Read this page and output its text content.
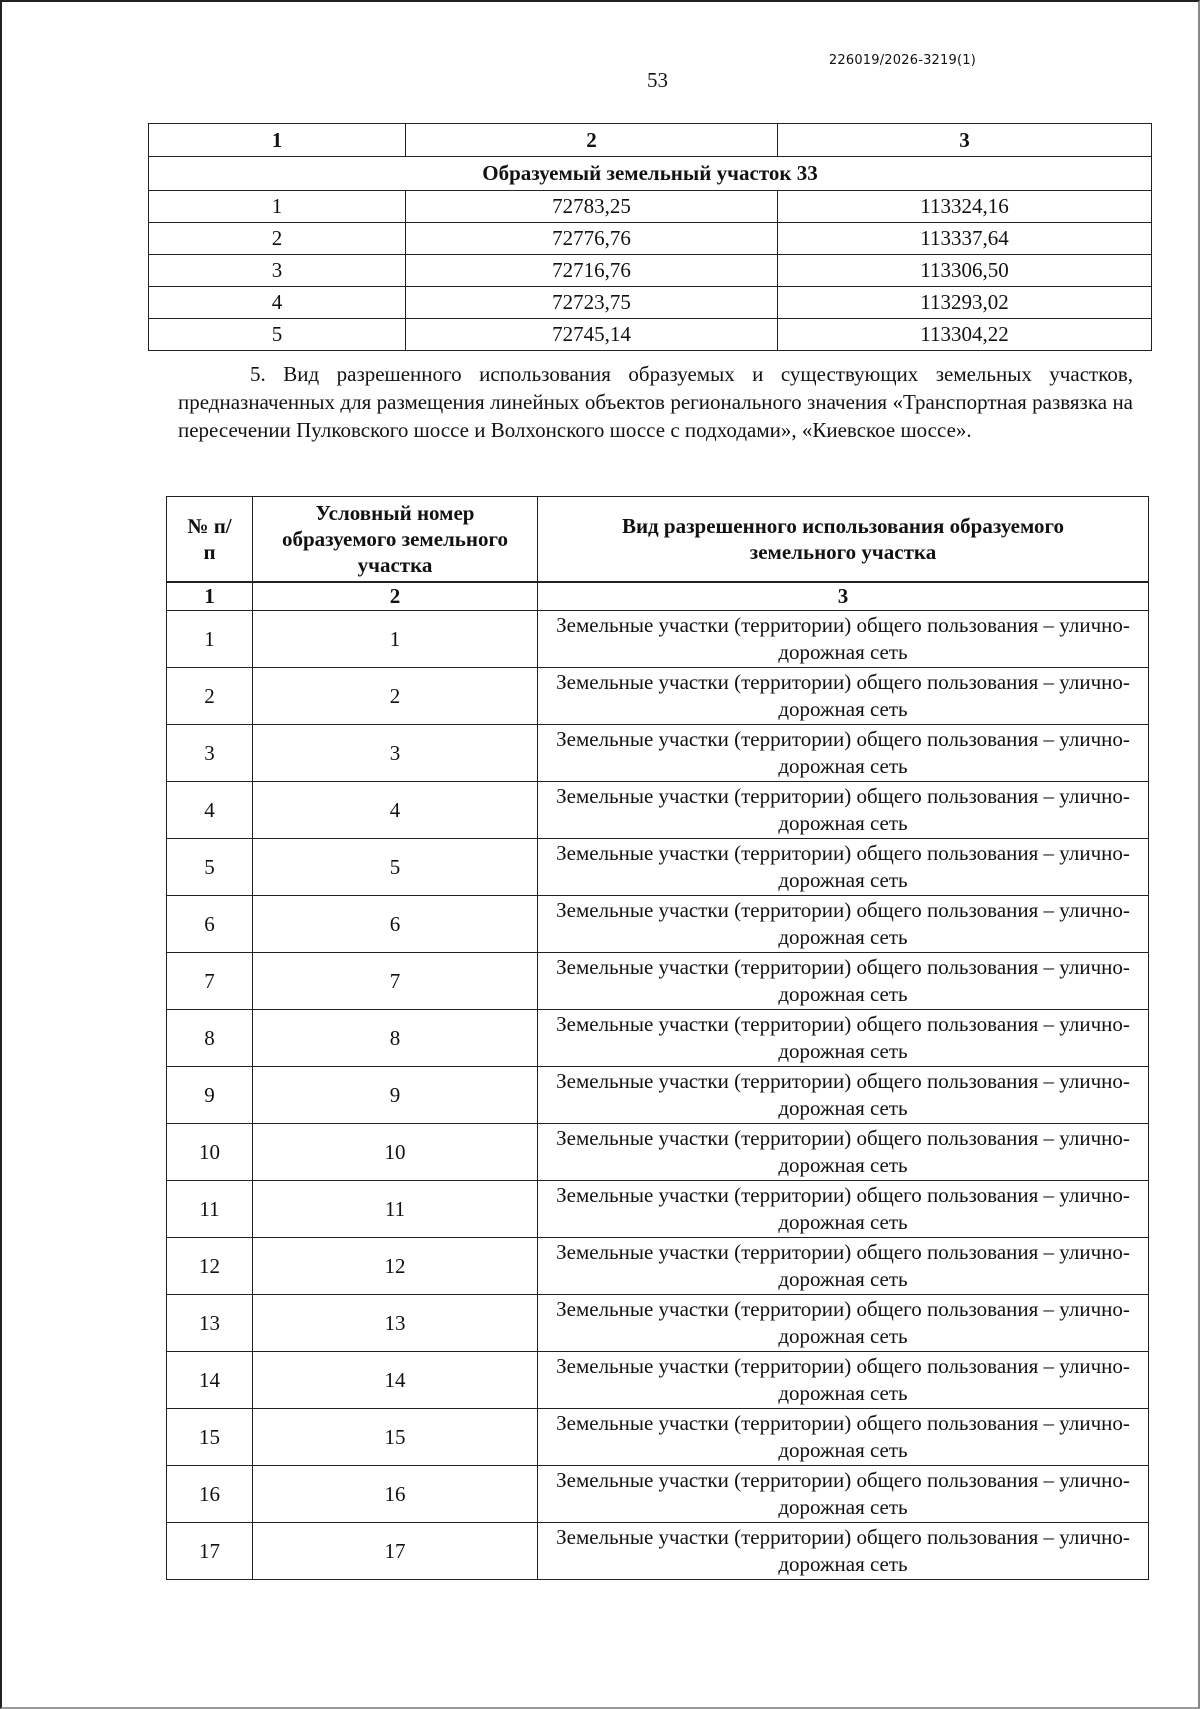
226019/2026-3219(1)
53
1	2	3
Образуемый земельный участок 33		
1	72783,25	113324,16
2	72776,76	113337,64
3	72716,76	113306,50
4	72723,75	113293,02
5	72745,14	113304,22
5. Вид разрешенного использования образуемых и существующих земельных участков, предназначенных для размещения линейных объектов регионального значения «Транспортная развязка на пересечении Пулковского шоссе и Волхонского шоссе с подходами», «Киевское шоссе».
№ п/п	Условный номер образуемого земельного участка	Вид разрешенного использования образуемого земельного участка
1	2	3
1	1	Земельные участки (территории) общего пользования – улично-дорожная сеть
2	2	Земельные участки (территории) общего пользования – улично-дорожная сеть
3	3	Земельные участки (территории) общего пользования – улично-дорожная сеть
4	4	Земельные участки (территории) общего пользования – улично-дорожная сеть
5	5	Земельные участки (территории) общего пользования – улично-дорожная сеть
6	6	Земельные участки (территории) общего пользования – улично-дорожная сеть
7	7	Земельные участки (территории) общего пользования – улично-дорожная сеть
8	8	Земельные участки (территории) общего пользования – улично-дорожная сеть
9	9	Земельные участки (территории) общего пользования – улично-дорожная сеть
10	10	Земельные участки (территории) общего пользования – улично-дорожная сеть
11	11	Земельные участки (территории) общего пользования – улично-дорожная сеть
12	12	Земельные участки (территории) общего пользования – улично-дорожная сеть
13	13	Земельные участки (территории) общего пользования – улично-дорожная сеть
14	14	Земельные участки (территории) общего пользования – улично-дорожная сеть
15	15	Земельные участки (территории) общего пользования – улично-дорожная сеть
16	16	Земельные участки (территории) общего пользования – улично-дорожная сеть
17	17	Земельные участки (территории) общего пользования – улично-дорожная сеть
